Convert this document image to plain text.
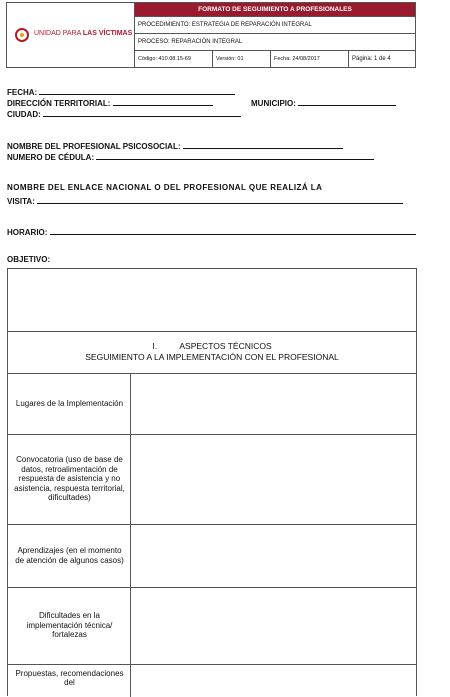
UNIDAD PARA LAS VÍCTIMAS
FORMATO DE SEGUIMIENTO A PROFESIONALES
PROCEDIMIENTO: ESTRATEGIA DE REPARACIÓN INTEGRAL
PROCESO: REPARACIÓN INTEGRAL
Código: 410.08.15-69	Versión: 01	Fecha: 24/08/2017	Página: 1 de 4
FECHA:
DIRECCIÓN TERRITORIAL:	MUNICIPIO:
CIUDAD:
NOMBRE DEL PROFESIONAL PSICOSOCIAL:
NUMERO DE CÉDULA:
NOMBRE DEL ENLACE NACIONAL O DEL PROFESIONAL QUE REALIZÁ LA
VISITA:
HORARIO:
OBJETIVO:
I.	ASPECTOS TÉCNICOS
SEGUIMIENTO A LA IMPLEMENTACIÓN CON EL PROFESIONAL
Lugares de la Implementación
Convocatoria (uso de base de datos, retroalimentación de respuesta de asistencia y no asistencia, respuesta territorial, dificultades)
Aprendizajes (en el momento de atención de algunos casos)
Dificultades en la implementación técnica/ fortalezas
Propuestas, recomendaciones del
